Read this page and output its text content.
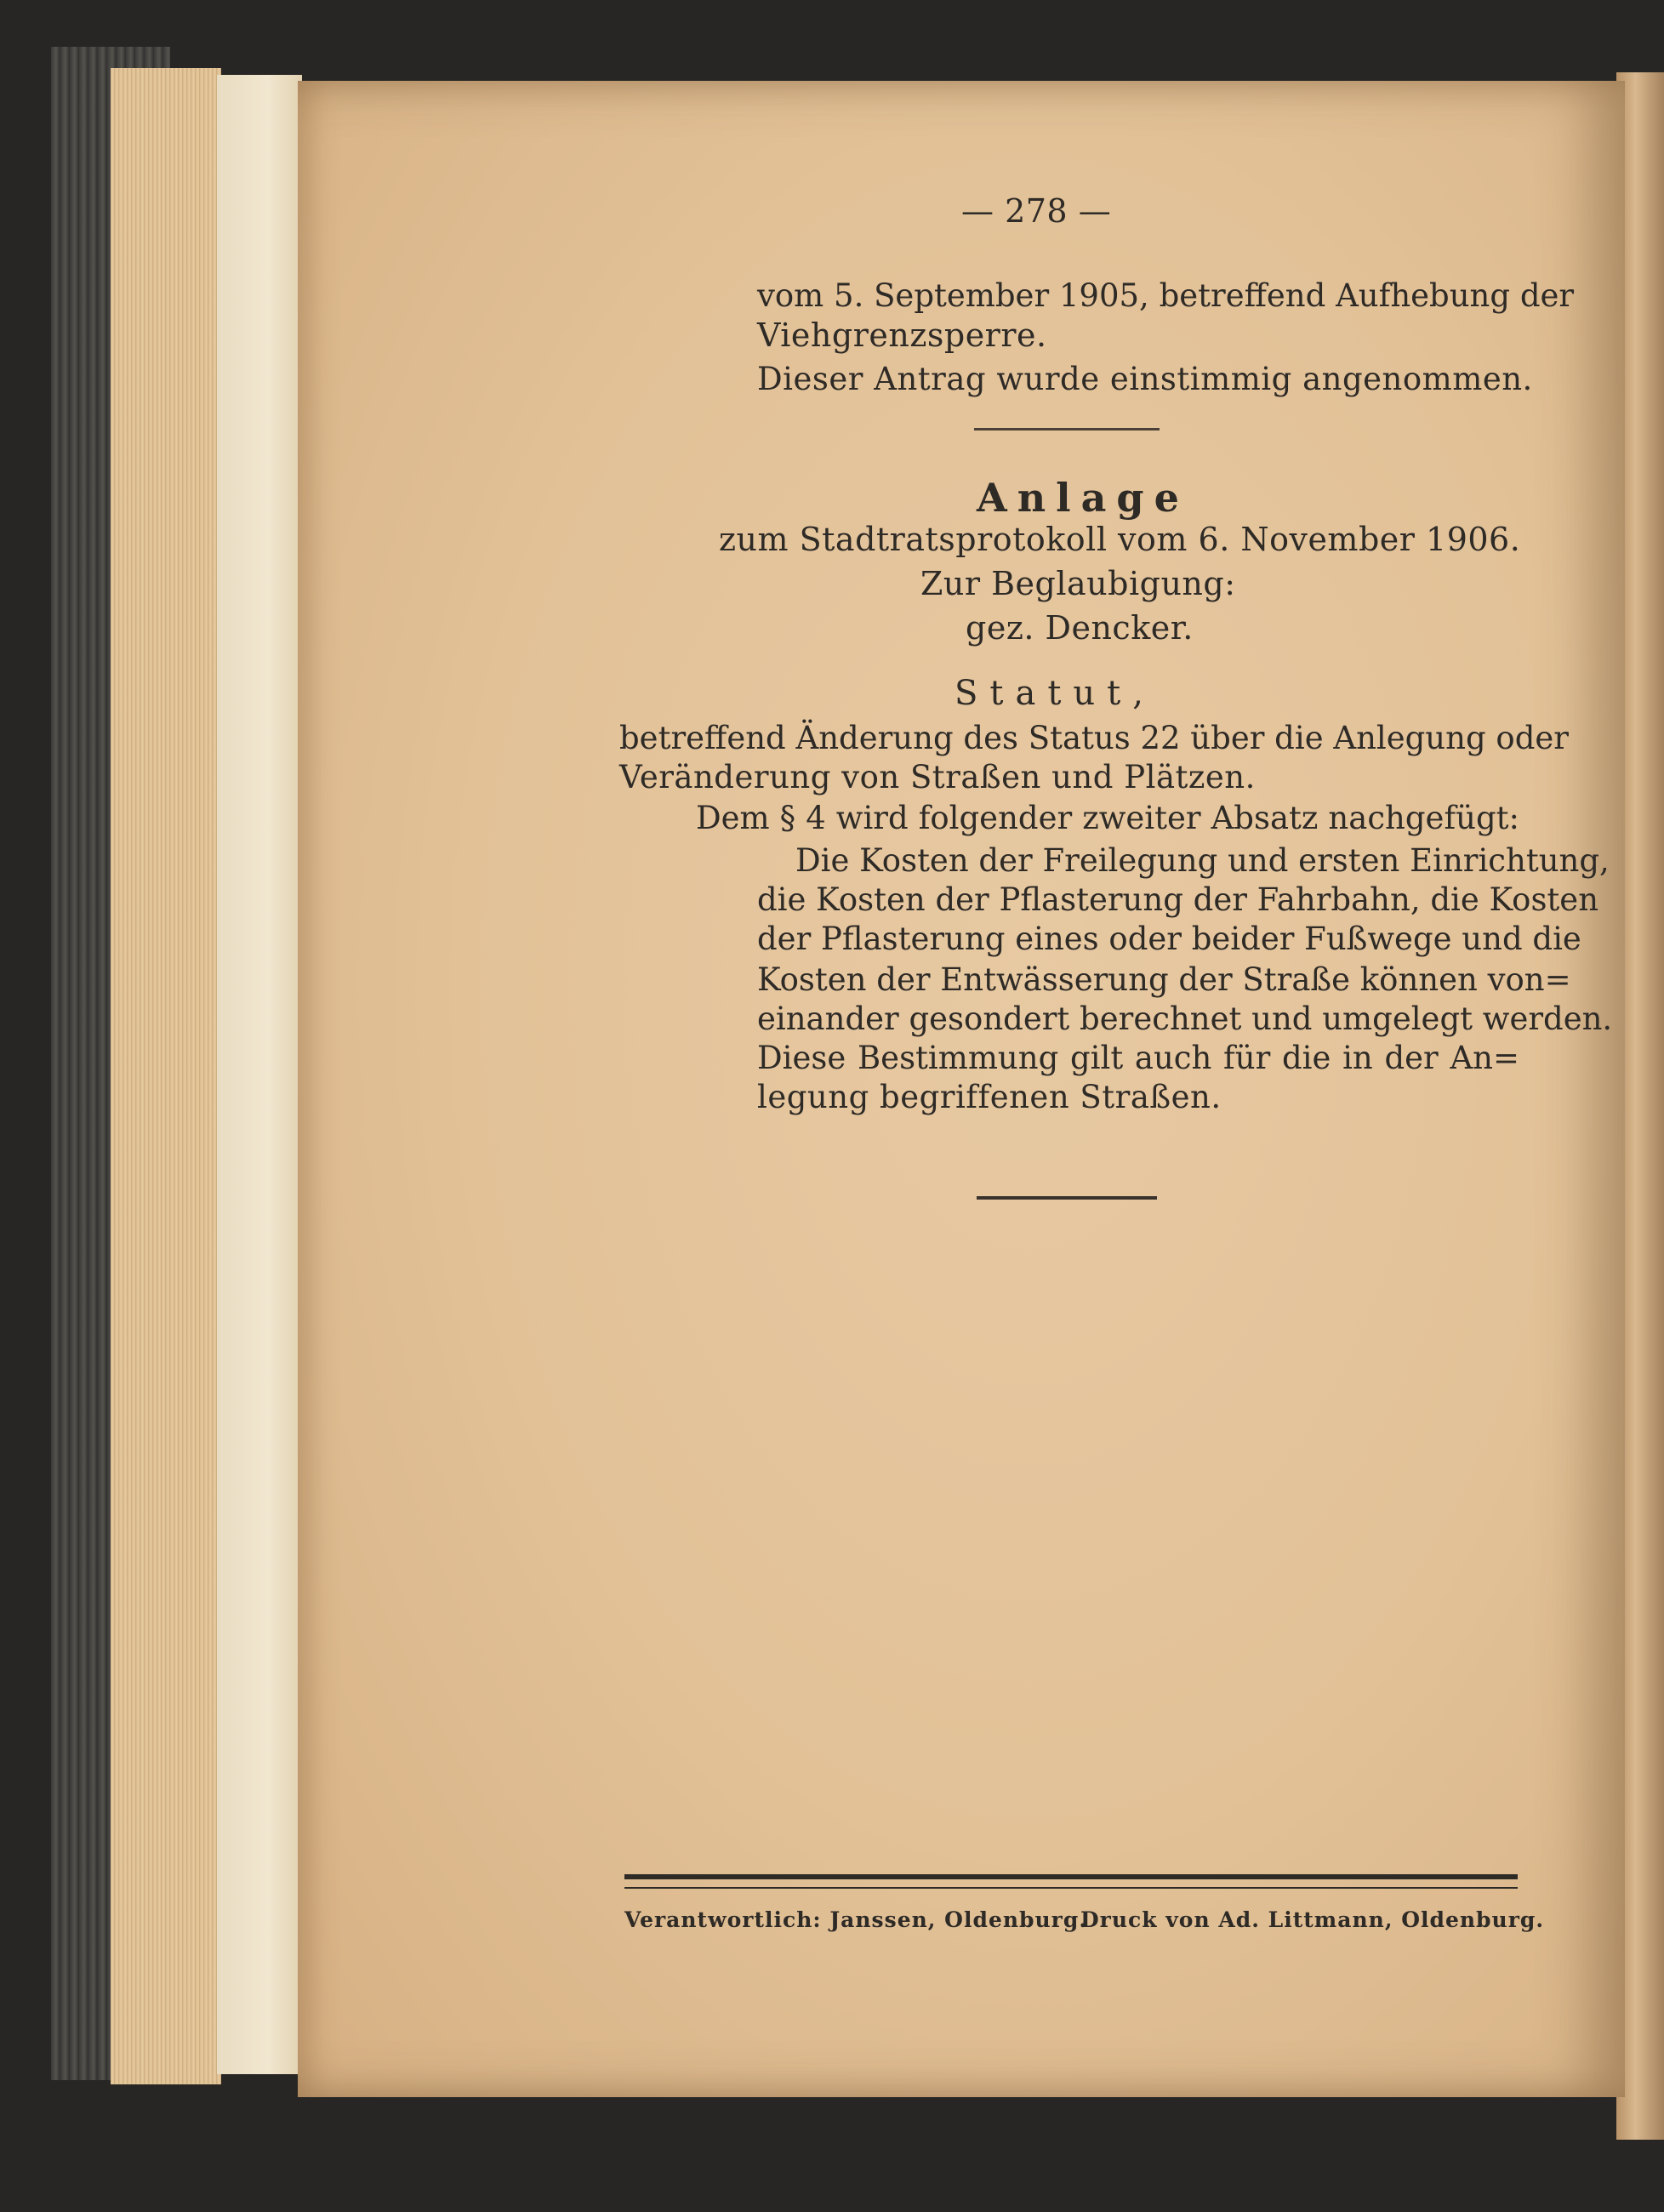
— 278 —
vom 5. September 1905, betreffend Aufhebung der
Viehgrenzsperre.
Dieser Antrag wurde einstimmig angenommen.
Anlage
zum Stadtratsprotokoll vom 6. November 1906.
Zur Beglaubigung:
gez. Dencker.
Statut,
betreffend Änderung des Status 22 über die Anlegung oder
Veränderung von Straßen und Plätzen.
Dem § 4 wird folgender zweiter Absatz nachgefügt:
Die Kosten der Freilegung und ersten Einrichtung,
die Kosten der Pflasterung der Fahrbahn, die Kosten
der Pflasterung eines oder beider Fußwege und die
Kosten der Entwässerung der Straße können von=
einander gesondert berechnet und umgelegt werden.
Diese Bestimmung gilt auch für die in der An=
legung begriffenen Straßen.
Verantwortlich: Janssen, Oldenburg.
Druck von Ad. Littmann, Oldenburg.
